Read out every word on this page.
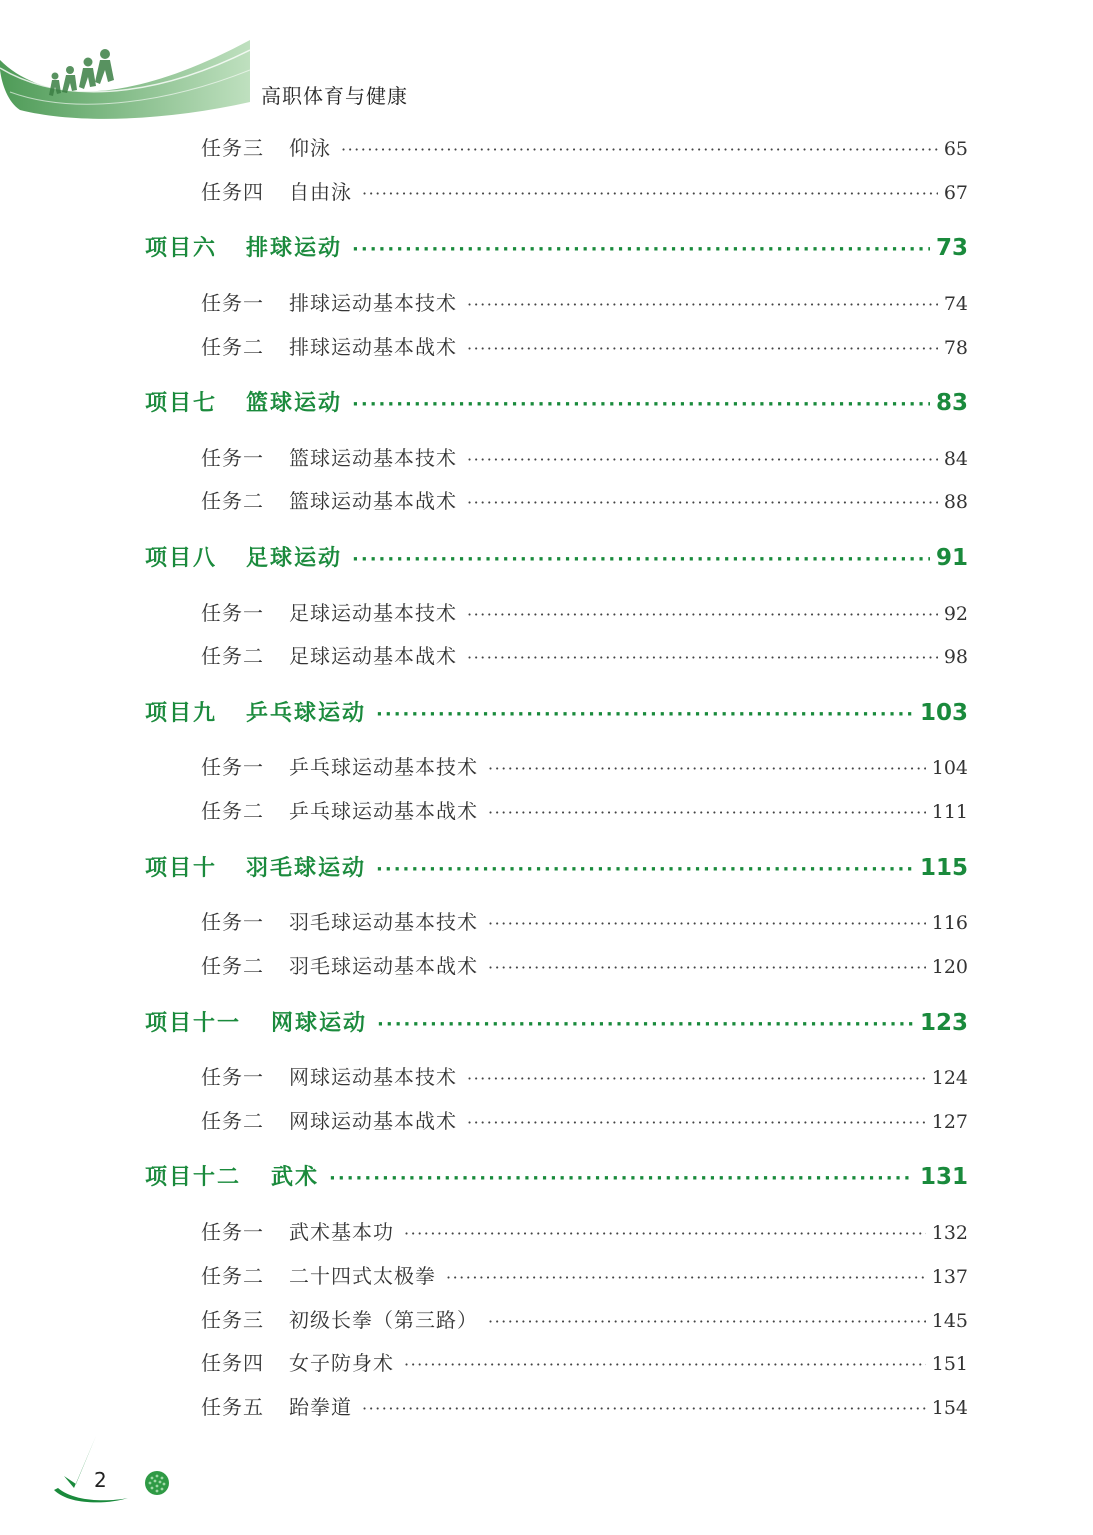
高职体育与健康
任务三	仰泳 ·····	65
任务四	自由泳 ·····	67
项目六	排球运动 ·····	73
任务一	排球运动基本技术 ·····	74
任务二	排球运动基本战术 ·····	78
项目七	篮球运动 ·····	83
任务一	篮球运动基本技术 ·····	84
任务二	篮球运动基本战术 ·····	88
项目八	足球运动 ·····	91
任务一	足球运动基本技术 ·····	92
任务二	足球运动基本战术 ·····	98
项目九	乒乓球运动 ·····	103
任务一	乒乓球运动基本技术 ·····	104
任务二	乒乓球运动基本战术 ·····	111
项目十	羽毛球运动 ·····	115
任务一	羽毛球运动基本技术 ·····	116
任务二	羽毛球运动基本战术 ·····	120
项目十一	网球运动 ·····	123
任务一	网球运动基本技术 ·····	124
任务二	网球运动基本战术 ·····	127
项目十二	武术 ·····	131
任务一	武术基本功 ·····	132
任务二	二十四式太极拳 ·····	137
任务三	初级长拳（第三路） ·····	145
任务四	女子防身术 ·····	151
任务五	跆拳道 ·····	154
2
